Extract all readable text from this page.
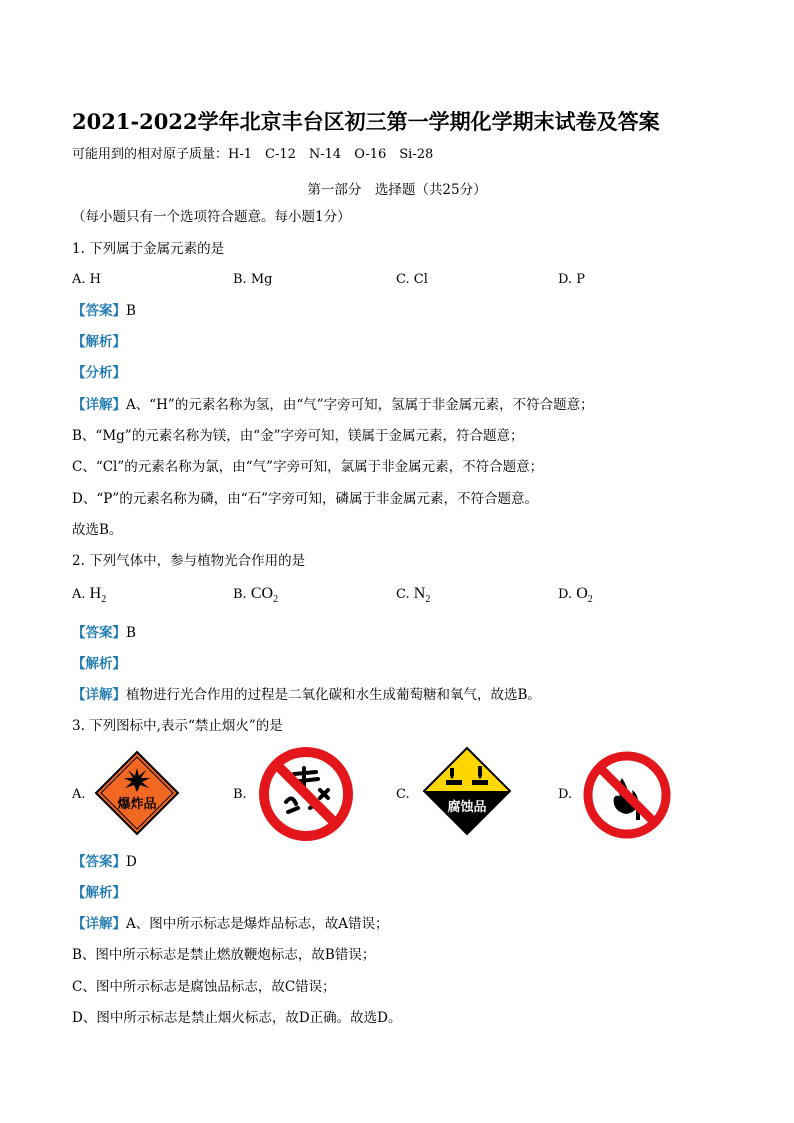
2021-2022学年北京丰台区初三第一学期化学期末试卷及答案
可能用到的相对原子质量：H-1　C-12　N-14　O-16　Si-28
第一部分　选择题（共25分）
（每小题只有一个选项符合题意。每小题1分）
1. 下列属于金属元素的是
A. H	B. Mg	C. Cl	D. P
【答案】B
【解析】
【分析】
【详解】A、“H”的元素名称为氢，由“气”字旁可知，氢属于非金属元素，不符合题意；
B、“Mg”的元素名称为镁，由“金”字旁可知，镁属于金属元素，符合题意；
C、“Cl”的元素名称为氯，由“气”字旁可知，氯属于非金属元素，不符合题意；
D、“P”的元素名称为磷，由“石”字旁可知，磷属于非金属元素，不符合题意。
故选B。
2. 下列气体中，参与植物光合作用的是
A. $H_2$	B. $CO_2$	C. $N_2$	D. $O_2$
【答案】B
【解析】
【详解】植物进行光合作用的过程是二氧化碳和水生成葡萄糖和氧气，故选B。
3. 下列图标中,表示“禁止烟火”的是
A.
爆炸品
B.	C.
腐蚀品
D.
【答案】D
【解析】
【详解】A、图中所示标志是爆炸品标志，故A错误；
B、图中所示标志是禁止燃放鞭炮标志，故B错误；
C、图中所示标志是腐蚀品标志，故C错误；
D、图中所示标志是禁止烟火标志，故D正确。故选D。
